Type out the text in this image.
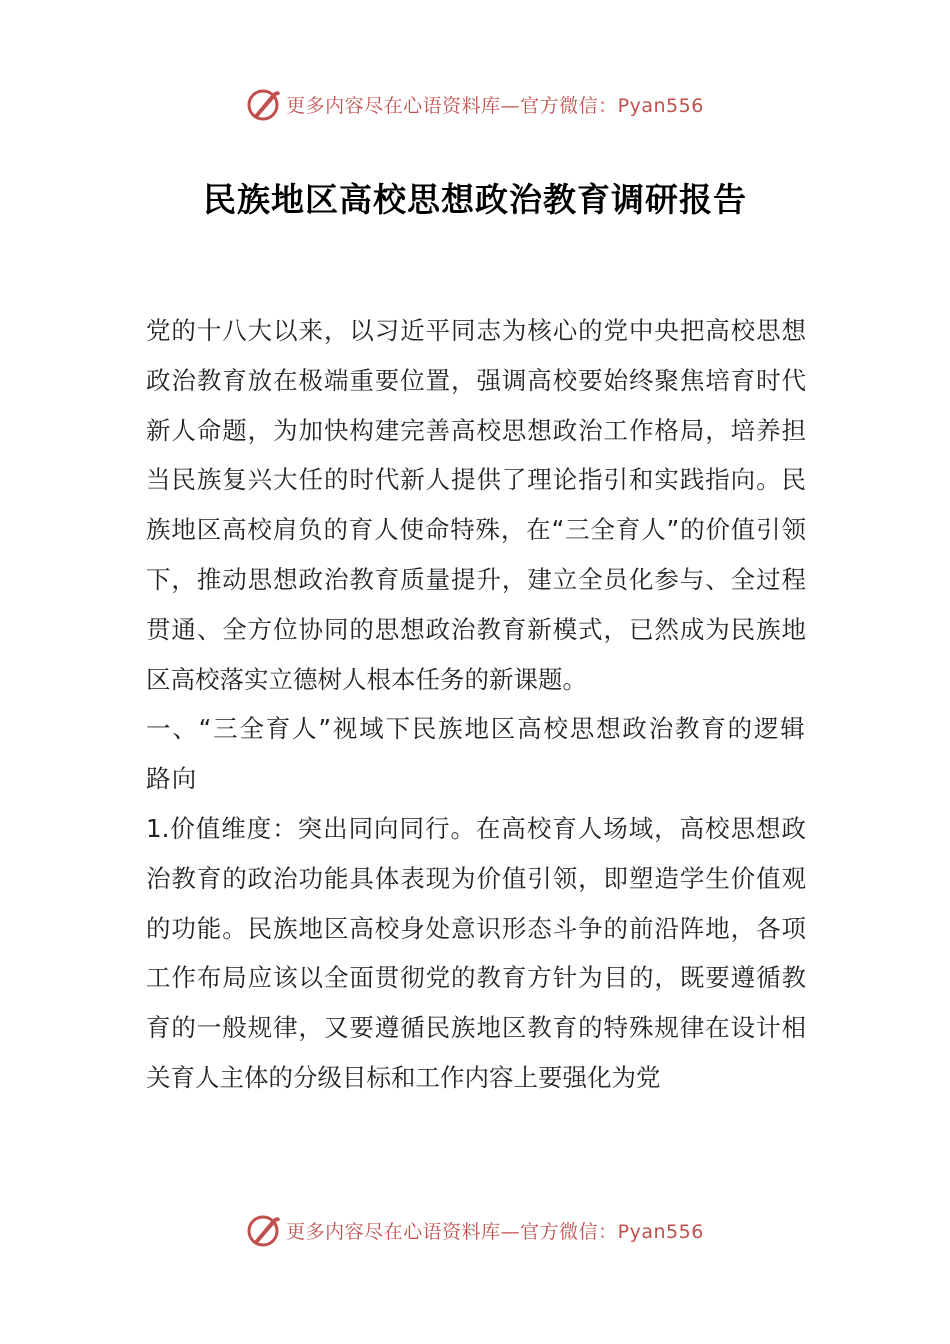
更多内容尽在心语资料库—官方微信：Pyan556
民族地区高校思想政治教育调研报告

党的十八大以来，以习近平同志为核心的党中央把高校思想政治教育放在极端重要位置，强调高校要始终聚焦培育时代新人命题，为加快构建完善高校思想政治工作格局，培养担当民族复兴大任的时代新人提供了理论指引和实践指向。民族地区高校肩负的育人使命特殊，在“三全育人”的价值引领下，推动思想政治教育质量提升，建立全员化参与、全过程贯通、全方位协同的思想政治教育新模式，已然成为民族地区高校落实立德树人根本任务的新课题。

一、“三全育人”视域下民族地区高校思想政治教育的逻辑路向

1.价值维度：突出同向同行。在高校育人场域，高校思想政治教育的政治功能具体表现为价值引领，即塑造学生价值观的功能。民族地区高校身处意识形态斗争的前沿阵地，各项工作布局应该以全面贯彻党的教育方针为目的，既要遵循教育的一般规律，又要遵循民族地区教育的特殊规律在设计相关育人主体的分级目标和工作内容上要强化为党

更多内容尽在心语资料库—官方微信：Pyan556
